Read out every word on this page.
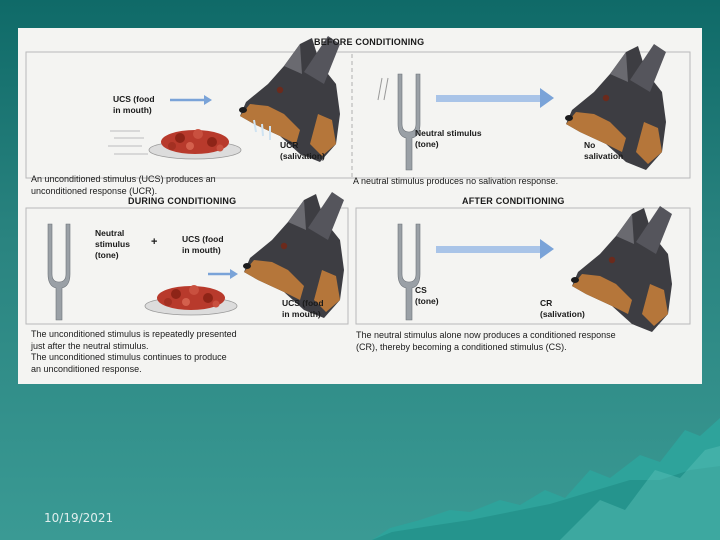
BEFORE CONDITIONING
DURING CONDITIONING	AFTER CONDITIONING
UCS (food
in mouth)
UCR
(salivation)
An unconditioned stimulus (UCS) produces an
unconditioned response (UCR).
Neutral stimulus
(tone)	No
salivation
A neutral stimulus produces no salivation response.
Neutral
stimulus
(tone)
+	UCS (food
in mouth)
UCS (food
in mouth)
The unconditioned stimulus is repeatedly presented
just after the neutral stimulus.
The unconditioned stimulus continues to produce
an unconditioned response.
CS
(tone)	CR
(salivation)
The neutral stimulus alone now produces a conditioned response
(CR), thereby becoming a conditioned stimulus (CS).
10/19/2021
